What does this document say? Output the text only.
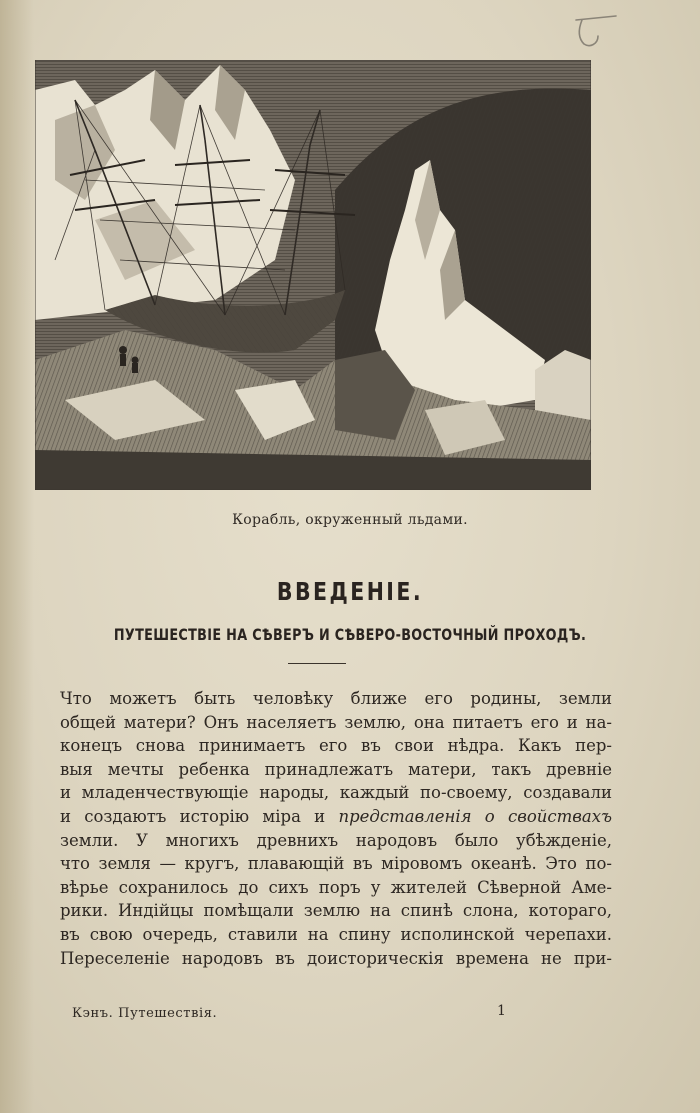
Корабль, окруженный льдами.
ВВЕДЕНІЕ.
ПУТЕШЕСТВІЕ НА СѢВЕРЪ И СѢВЕРО-ВОСТОЧНЫЙ ПРОХОДЪ.
Что можетъ быть человѣку ближе его родины, земли
общей матери? Онъ населяетъ землю, она питаетъ его и на-
конецъ снова принимаетъ его въ свои нѣдра. Какъ пер-
выя мечты ребенка принадлежатъ матери, такъ древніе
и младенчествующіе народы, каждый по-своему, создавали
и создаютъ исторію міра и представленія о свойствахъ
земли. У многихъ древнихъ народовъ было убѣжденіе,
что земля — кругъ, плавающій въ міровомъ океанѣ. Это по-
вѣрье сохранилось до сихъ поръ у жителей Сѣверной Аме-
рики. Индійцы помѣщали землю на спинѣ слона, котораго,
въ свою очередь, ставили на спину исполинской черепахи.
Переселеніе народовъ въ доисторическія времена не при-
Кэнъ. Путешествія.	1
